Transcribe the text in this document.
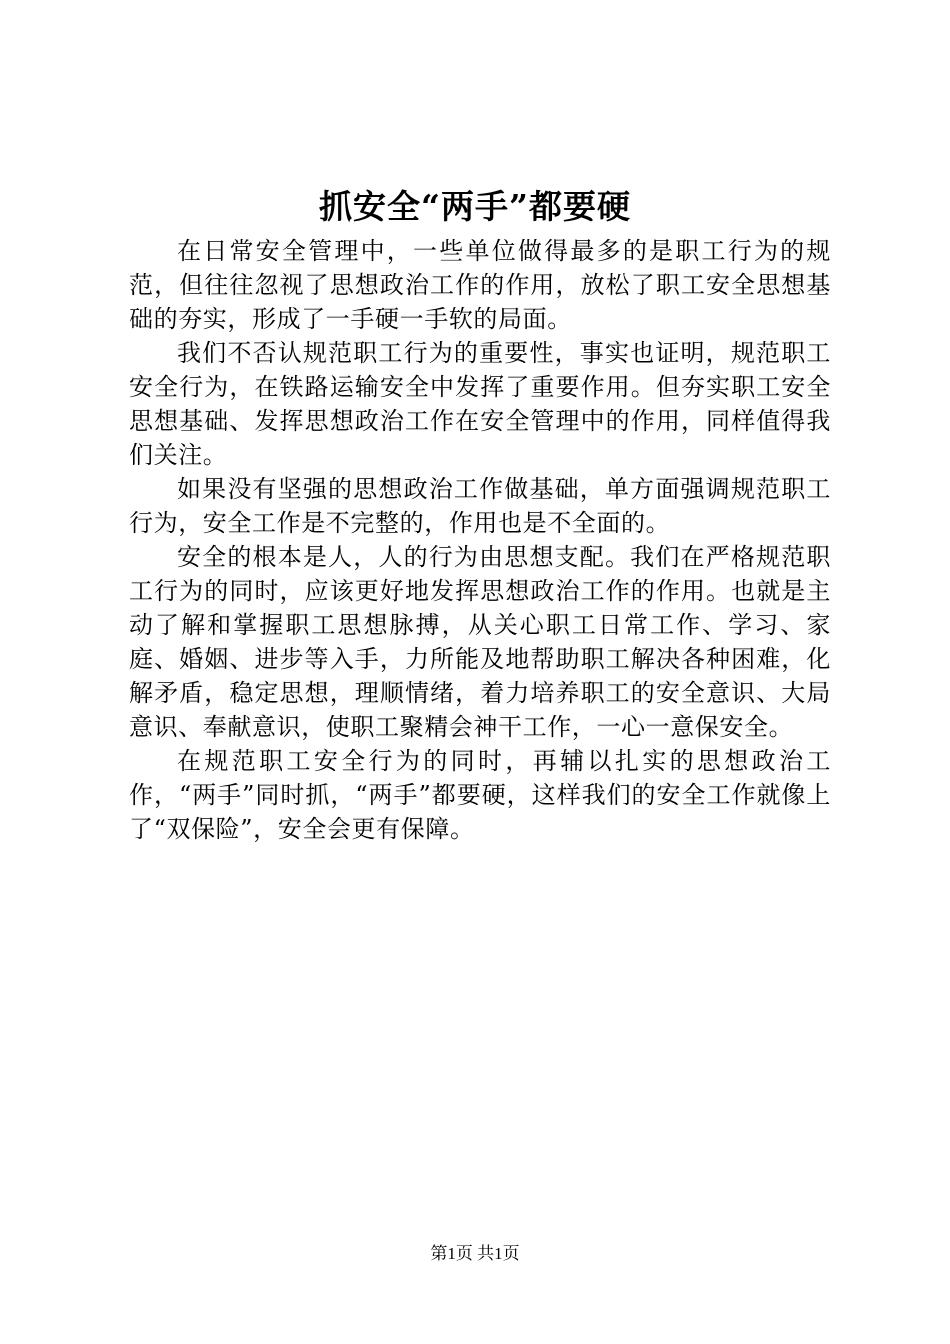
抓安全“两手”都要硬

在日常安全管理中，一些单位做得最多的是职工行为的规范，但往往忽视了思想政治工作的作用，放松了职工安全思想基础的夯实，形成了一手硬一手软的局面。

我们不否认规范职工行为的重要性，事实也证明，规范职工安全行为，在铁路运输安全中发挥了重要作用。但夯实职工安全思想基础、发挥思想政治工作在安全管理中的作用，同样值得我们关注。

如果没有坚强的思想政治工作做基础，单方面强调规范职工行为，安全工作是不完整的，作用也是不全面的。

安全的根本是人，人的行为由思想支配。我们在严格规范职工行为的同时，应该更好地发挥思想政治工作的作用。也就是主动了解和掌握职工思想脉搏，从关心职工日常工作、学习、家庭、婚姻、进步等入手，力所能及地帮助职工解决各种困难，化解矛盾，稳定思想，理顺情绪，着力培养职工的安全意识、大局意识、奉献意识，使职工聚精会神干工作，一心一意保安全。

在规范职工安全行为的同时，再辅以扎实的思想政治工作，“两手”同时抓，“两手”都要硬，这样我们的安全工作就像上了“双保险”，安全会更有保障。

第1页 共1页
